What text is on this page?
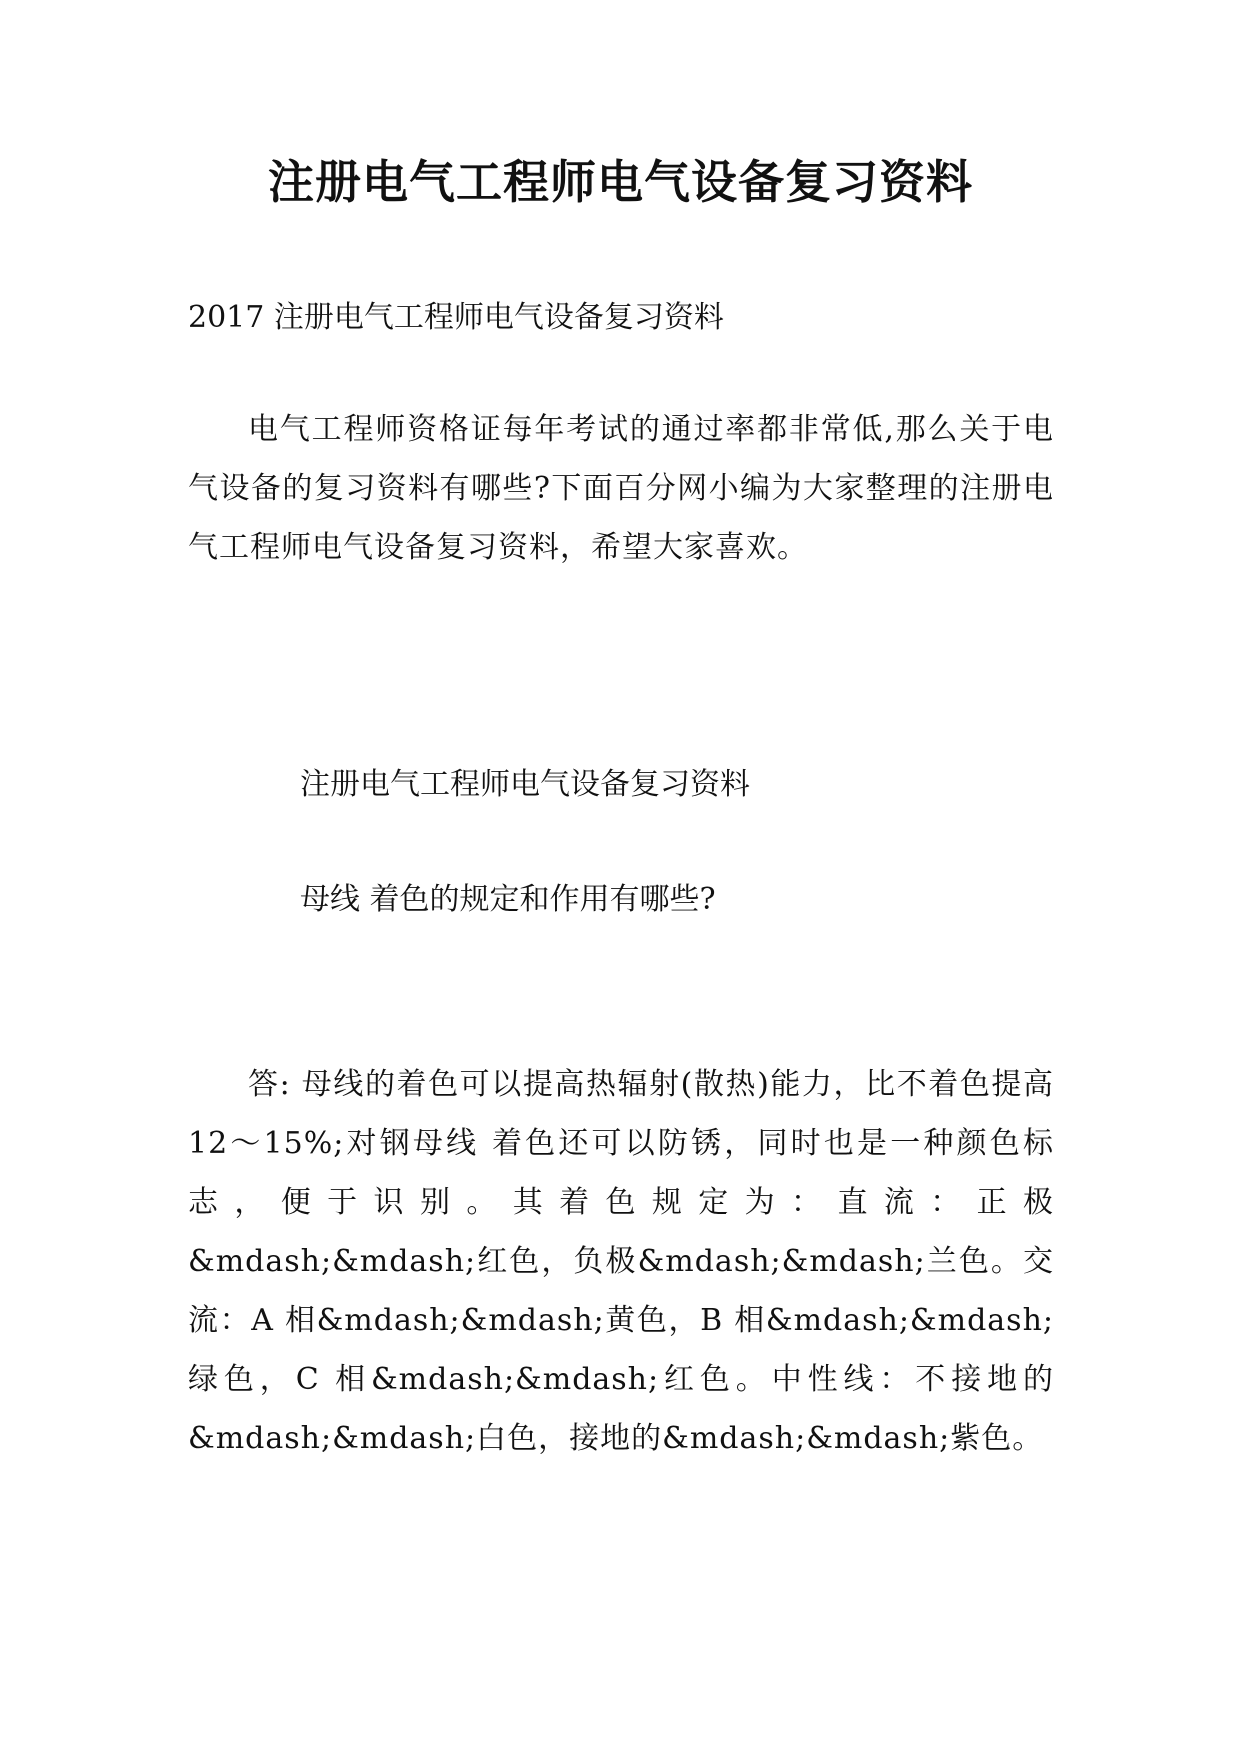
注册电气工程师电气设备复习资料

2017 注册电气工程师电气设备复习资料

电气工程师资格证每年考试的通过率都非常低,那么关于电气设备的复习资料有哪些?下面百分网小编为大家整理的注册电气工程师电气设备复习资料，希望大家喜欢。

注册电气工程师电气设备复习资料

母线 着色的规定和作用有哪些?

答: 母线的着色可以提高热辐射(散热)能力，比不着色提高 12～15%;对钢母线 着色还可以防锈，同时也是一种颜色标志，便于识别。其着色规定为：直流：正极&mdash;&mdash;红色，负极&mdash;&mdash;兰色。交流：A 相&mdash;&mdash;黄色，B 相&mdash;&mdash;绿色，C 相&mdash;&mdash;红色。中性线：不接地的&mdash;&mdash;白色，接地的&mdash;&mdash;紫色。
